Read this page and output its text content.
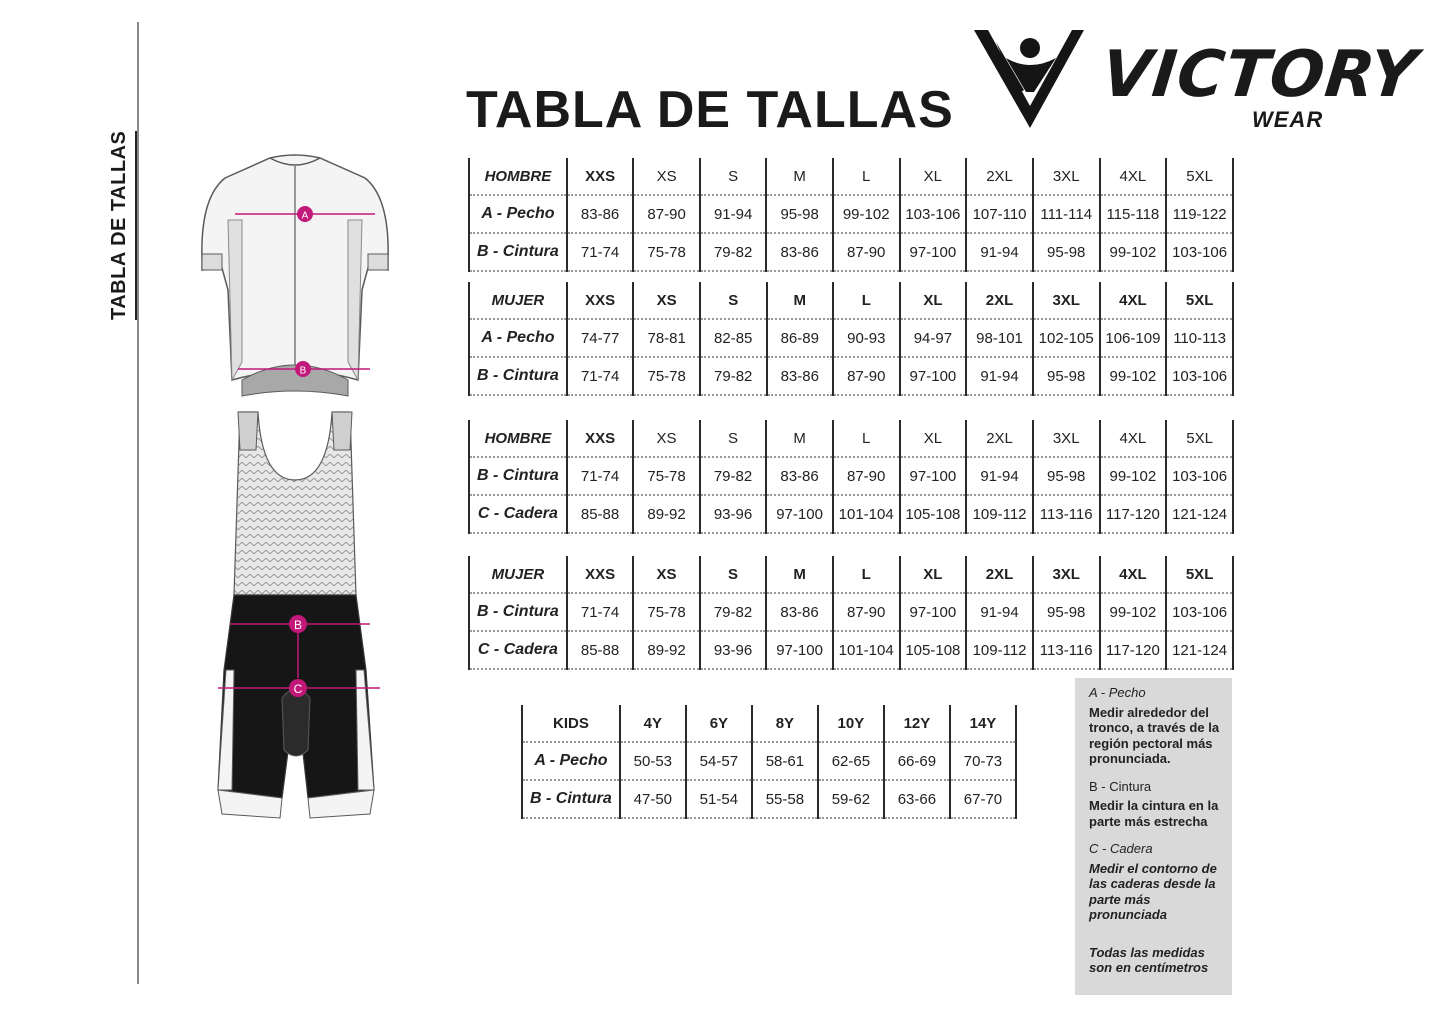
TABLA DE TALLAS
TABLA DE TALLAS VICTORY
WEAR
A
B
B
C
HOMBRE	XXS	XS	S	M	L	XL	2XL	3XL	4XL	5XL
A - Pecho	83-86	87-90	91-94	95-98	99-102	103-106	107-110	111-114	115-118	119-122
B - Cintura	71-74	75-78	79-82	83-86	87-90	97-100	91-94	95-98	99-102	103-106
MUJER	XXS	XS	S	M	L	XL	2XL	3XL	4XL	5XL
A - Pecho	74-77	78-81	82-85	86-89	90-93	94-97	98-101	102-105	106-109	110-113
B - Cintura	71-74	75-78	79-82	83-86	87-90	97-100	91-94	95-98	99-102	103-106
HOMBRE	XXS	XS	S	M	L	XL	2XL	3XL	4XL	5XL
B - Cintura	71-74	75-78	79-82	83-86	87-90	97-100	91-94	95-98	99-102	103-106
C - Cadera	85-88	89-92	93-96	97-100	101-104	105-108	109-112	113-116	117-120	121-124
MUJER	XXS	XS	S	M	L	XL	2XL	3XL	4XL	5XL
B - Cintura	71-74	75-78	79-82	83-86	87-90	97-100	91-94	95-98	99-102	103-106
C - Cadera	85-88	89-92	93-96	97-100	101-104	105-108	109-112	113-116	117-120	121-124
KIDS	4Y	6Y	8Y	10Y	12Y	14Y
A - Pecho	50-53	54-57	58-61	62-65	66-69	70-73
B - Cintura	47-50	51-54	55-58	59-62	63-66	67-70
A - Pecho
Medir alrededor del tronco, a través de la región pectoral más pronunciada.
B - Cintura
Medir la cintura en la parte más estrecha
C - Cadera
Medir el contorno de las caderas desde la parte más pronunciada
Todas las medidas son en centímetros
